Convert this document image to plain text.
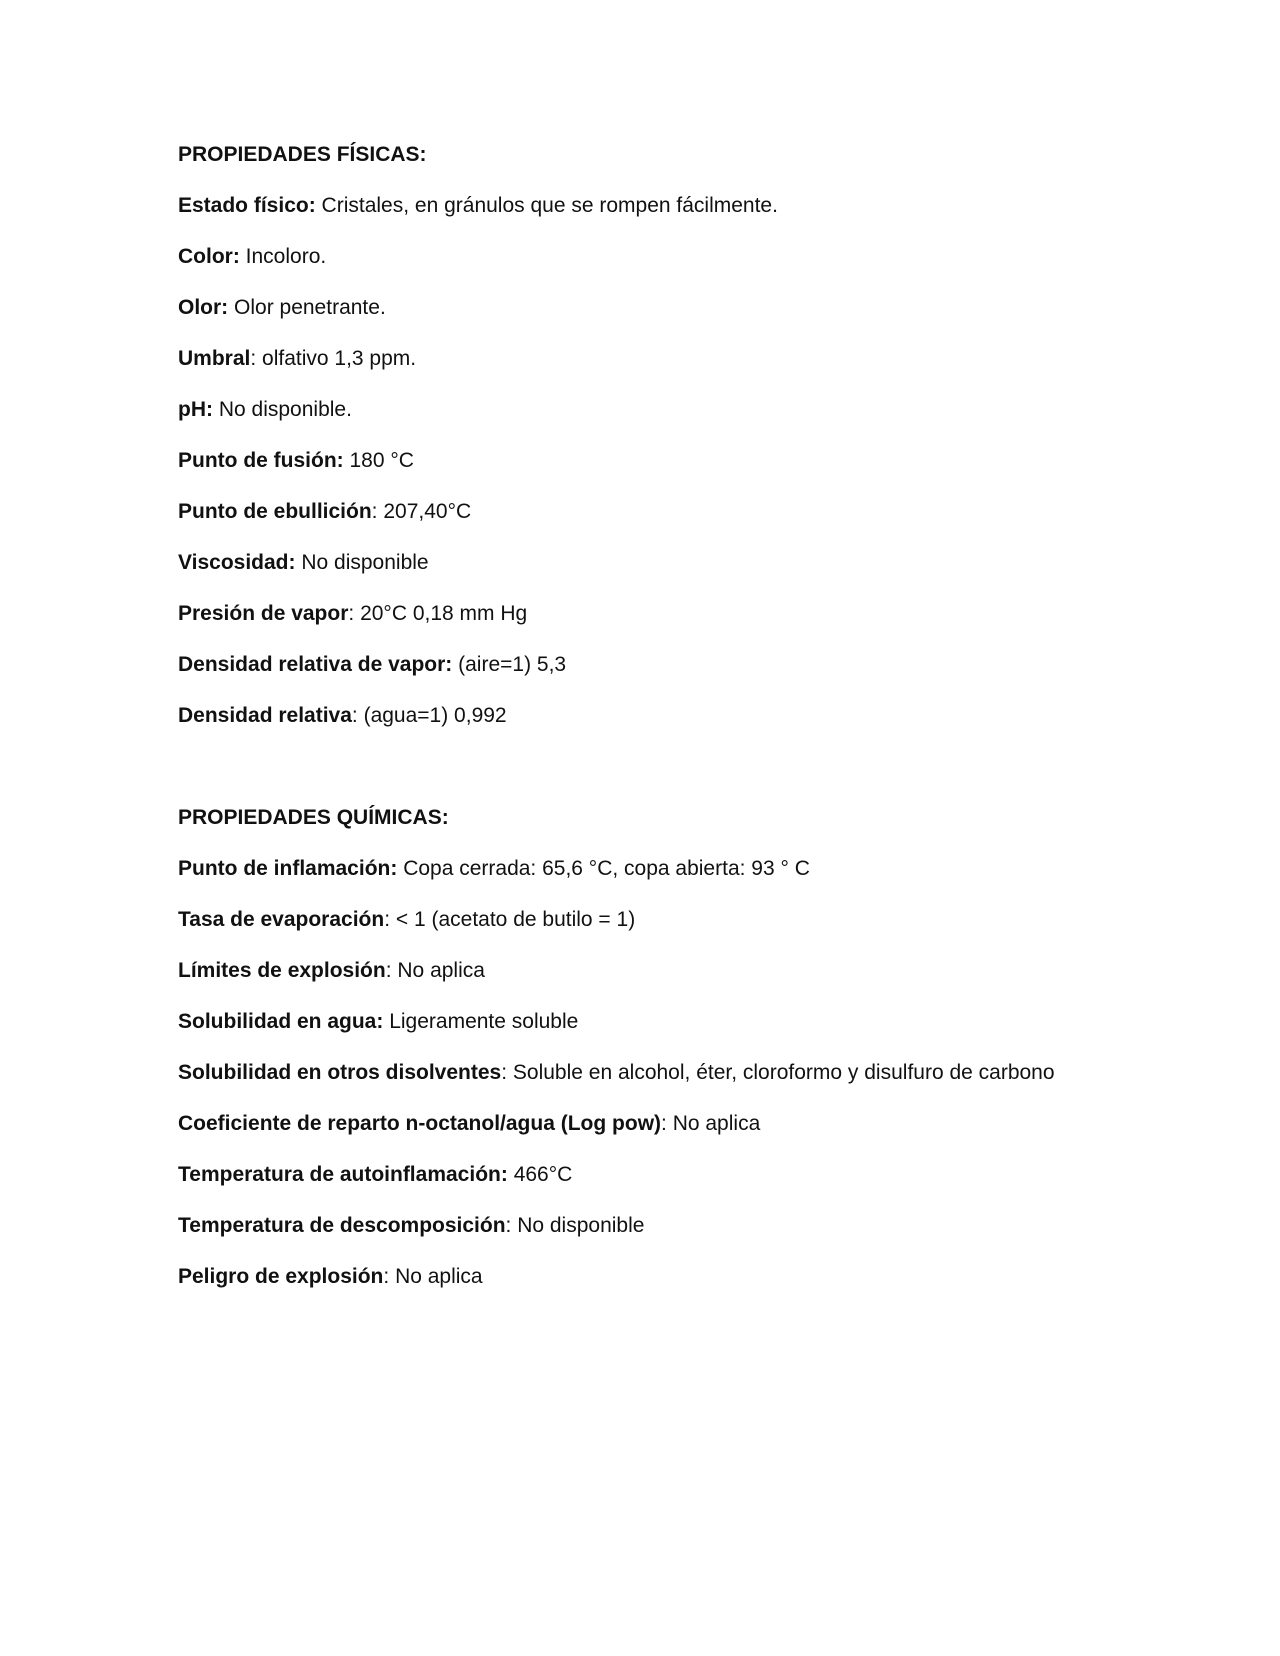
PROPIEDADES FÍSICAS:

Estado físico: Cristales, en gránulos que se rompen fácilmente.

Color: Incoloro.

Olor: Olor penetrante.

Umbral: olfativo 1,3 ppm.

pH: No disponible.

Punto de fusión: 180 °C

Punto de ebullición: 207,40°C

Viscosidad: No disponible

Presión de vapor: 20°C 0,18 mm Hg

Densidad relativa de vapor: (aire=1) 5,3

Densidad relativa: (agua=1) 0,992

PROPIEDADES QUÍMICAS:

Punto de inflamación: Copa cerrada: 65,6 °C, copa abierta: 93 ° C

Tasa de evaporación: < 1 (acetato de butilo = 1)

Límites de explosión: No aplica

Solubilidad en agua: Ligeramente soluble

Solubilidad en otros disolventes: Soluble en alcohol, éter, cloroformo y disulfuro de carbono

Coeficiente de reparto n-octanol/agua (Log pow): No aplica

Temperatura de autoinflamación: 466°C

Temperatura de descomposición: No disponible

Peligro de explosión: No aplica
